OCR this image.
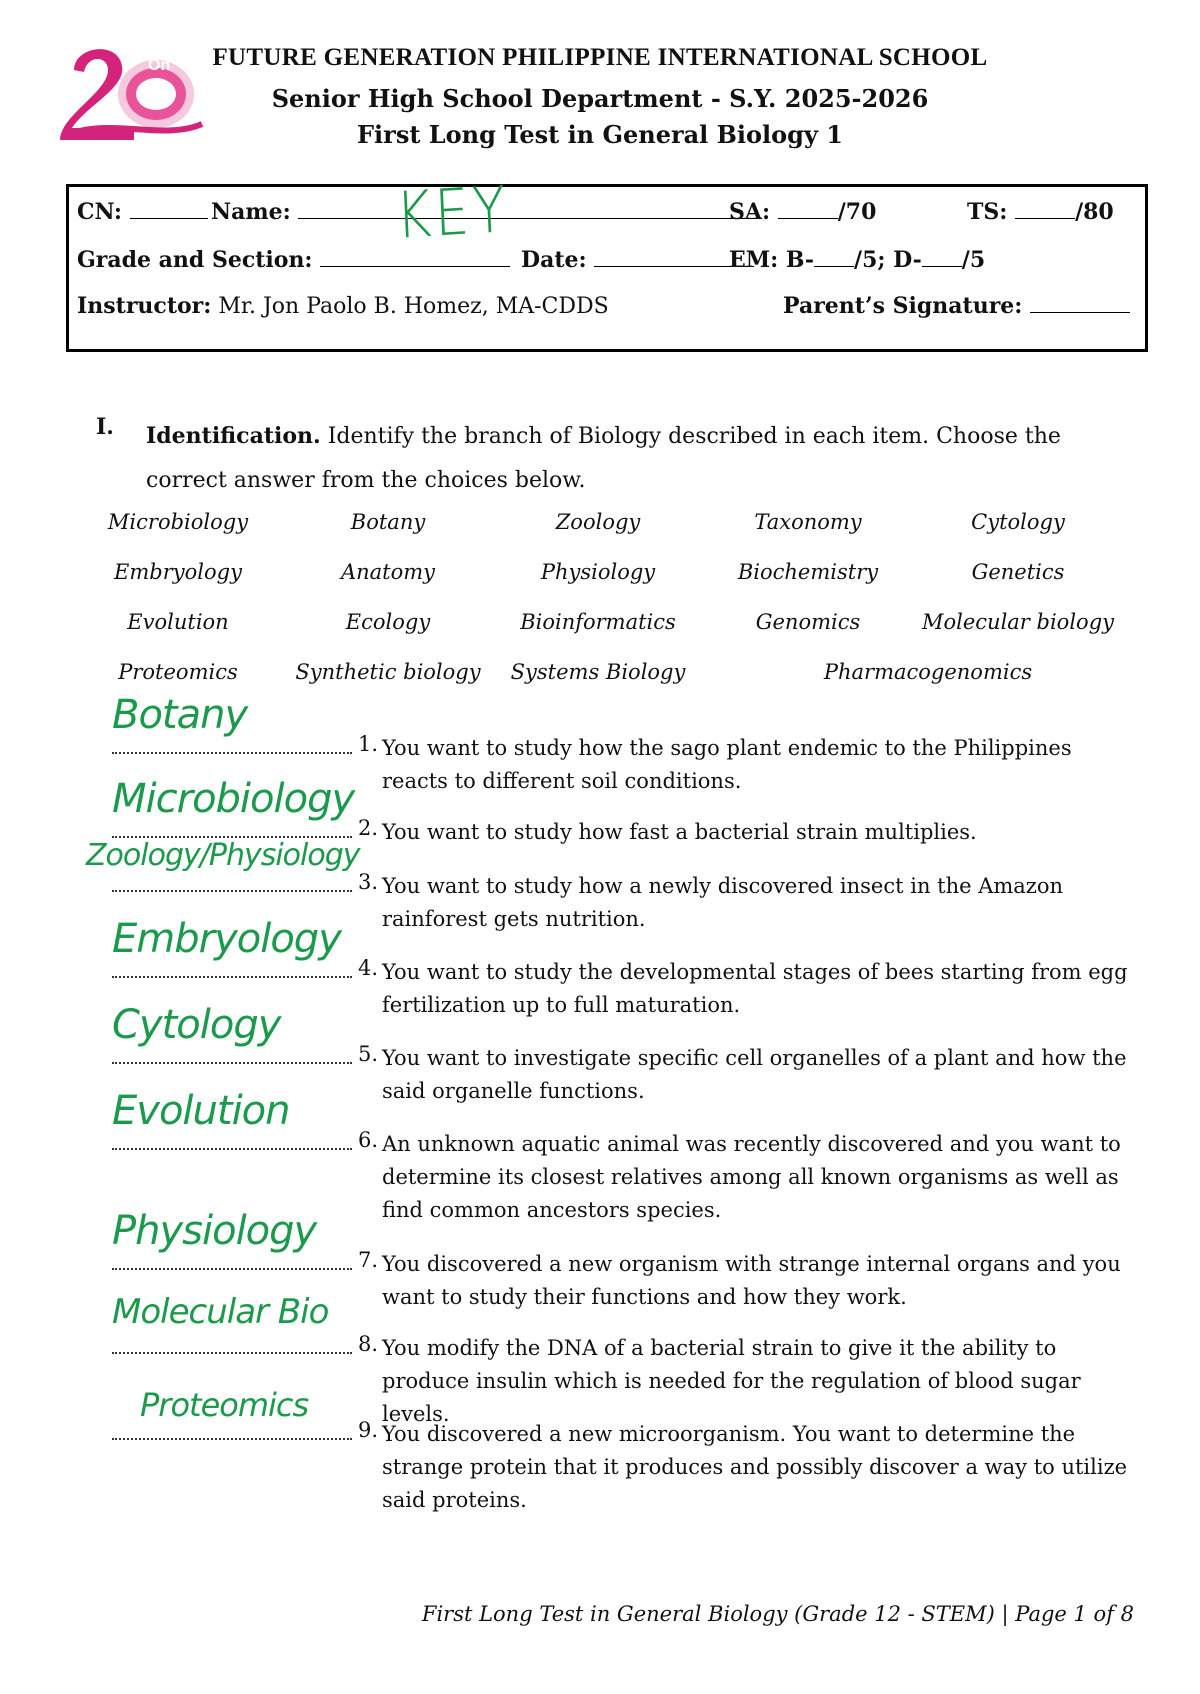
On	FUTURE GENERATION PHILIPPINE INTERNATIONAL SCHOOL
Senior High School Department - S.Y. 2025-2026
First Long Test in General Biology 1
CN:	Name:	SA:	/70	TS:	/80
Grade and Section:	Date:	EM: B- /5; D- /5
Instructor: Mr. Jon Paolo B. Homez, MA-CDDS	Parent’s Signature:
KEY
I. Identification. Identify the branch of Biology described in each item. Choose the correct answer from the choices below.
Microbiology	Botany	Zoology	Taxonomy	Cytology
Embryology	Anatomy	Physiology	Biochemistry	Genetics
Evolution	Ecology	Bioinformatics	Genomics	Molecular biology
Proteomics	Synthetic biology	Systems Biology	Pharmacogenomics
Botany
1. You want to study how the sago plant endemic to the Philippines reacts to different soil conditions.
Microbiology
2. You want to study how fast a bacterial strain multiplies.
Zoology/Physiology
3. You want to study how a newly discovered insect in the Amazon rainforest gets nutrition.
Embryology
4. You want to study the developmental stages of bees starting from egg fertilization up to full maturation.
Cytology
5. You want to investigate specific cell organelles of a plant and how the said organelle functions.
Evolution
6. An unknown aquatic animal was recently discovered and you want to determine its closest relatives among all known organisms as well as find common ancestors species.
Physiology
7. You discovered a new organism with strange internal organs and you want to study their functions and how they work.
Molecular Bio
8. You modify the DNA of a bacterial strain to give it the ability to produce insulin which is needed for the regulation of blood sugar levels.
Proteomics
9. You discovered a new microorganism. You want to determine the strange protein that it produces and possibly discover a way to utilize said proteins.
First Long Test in General Biology (Grade 12 - STEM) | Page 1 of 8
